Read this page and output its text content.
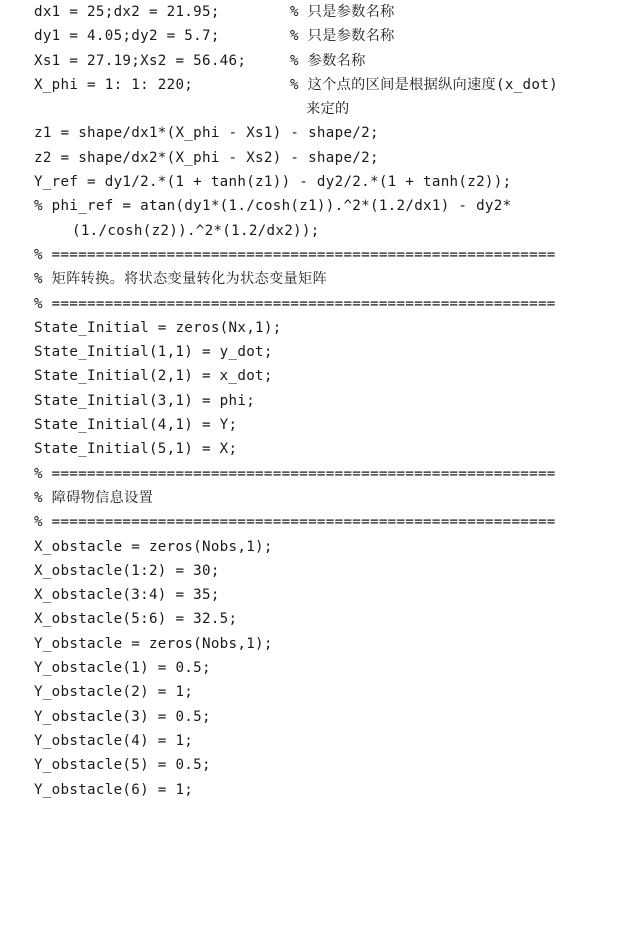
dx1 = 25;dx2 = 21.95;	% 只是参数名称
dy1 = 4.05;dy2 = 5.7;	% 只是参数名称
Xs1 = 27.19;Xs2 = 56.46;	% 参数名称
X_phi = 1: 1: 220;	% 这个点的区间是根据纵向速度(x_dot)
来定的
z1 = shape/dx1*(X_phi - Xs1) - shape/2;
z2 = shape/dx2*(X_phi - Xs2) - shape/2;
Y_ref = dy1/2.*(1 + tanh(z1)) - dy2/2.*(1 + tanh(z2));
% phi_ref = atan(dy1*(1./cosh(z1)).^2*(1.2/dx1) - dy2*
(1./cosh(z2)).^2*(1.2/dx2));
% =========================================================
% 矩阵转换。将状态变量转化为状态变量矩阵
% =========================================================
State_Initial = zeros(Nx,1);
State_Initial(1,1) = y_dot;
State_Initial(2,1) = x_dot;
State_Initial(3,1) = phi;
State_Initial(4,1) = Y;
State_Initial(5,1) = X;
% =========================================================
% 障碍物信息设置
% =========================================================
X_obstacle = zeros(Nobs,1);
X_obstacle(1:2) = 30;
X_obstacle(3:4) = 35;
X_obstacle(5:6) = 32.5;
Y_obstacle = zeros(Nobs,1);
Y_obstacle(1) = 0.5;
Y_obstacle(2) = 1;
Y_obstacle(3) = 0.5;
Y_obstacle(4) = 1;
Y_obstacle(5) = 0.5;
Y_obstacle(6) = 1;
